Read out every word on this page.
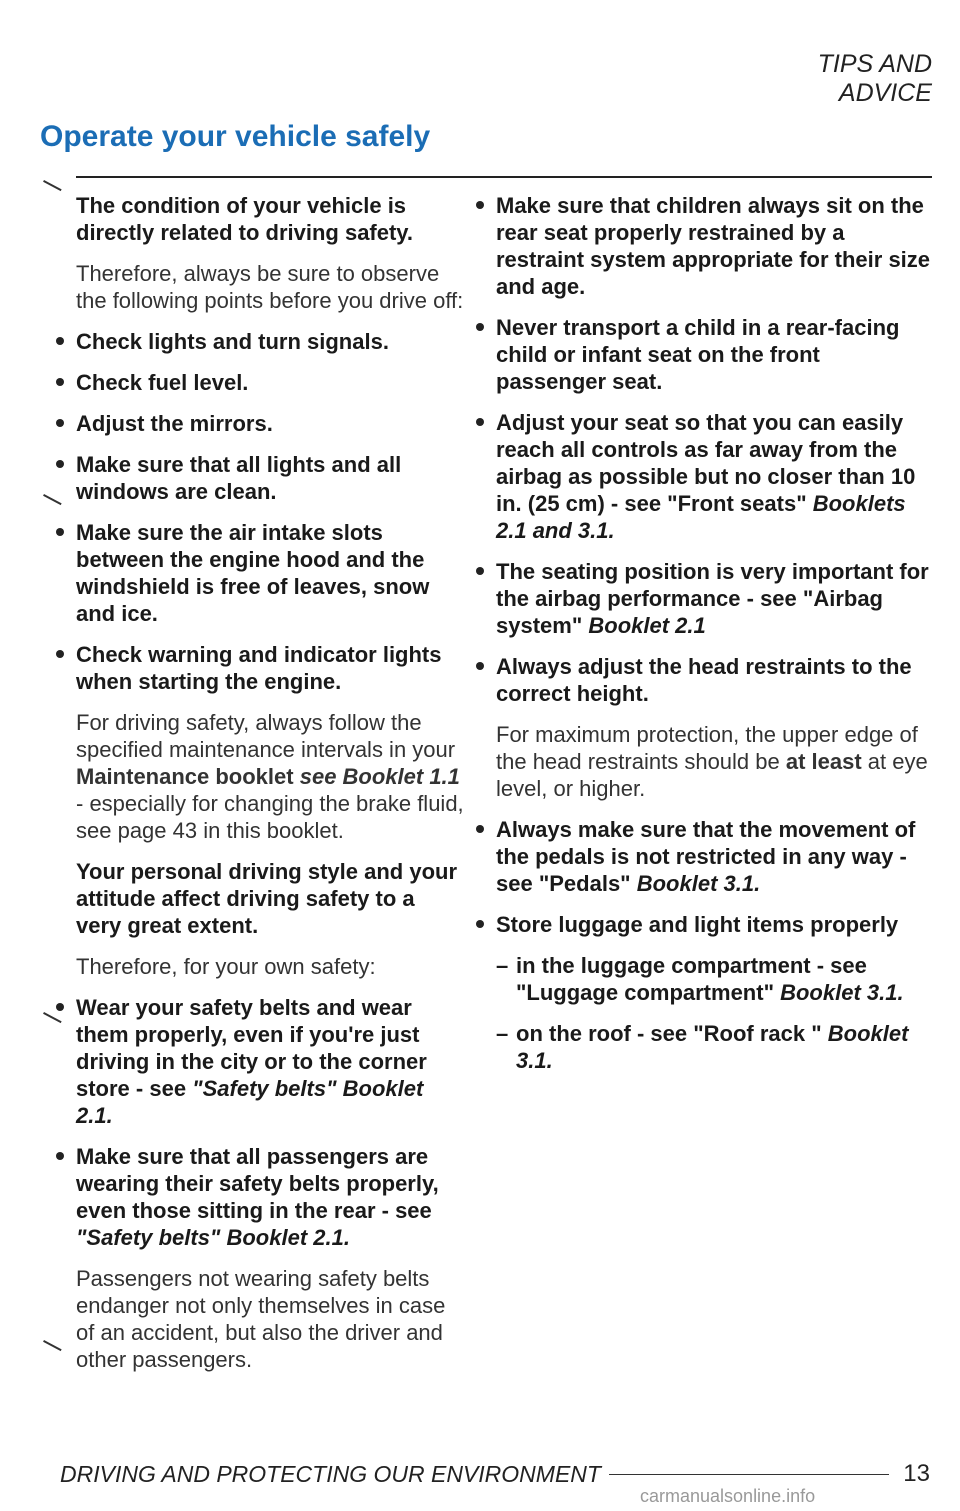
TIPS AND ADVICE
Operate your vehicle safely
The condition of your vehicle is directly related to driving safety.
Therefore, always be sure to observe the following points before you drive off:
Check lights and turn signals.
Check fuel level.
Adjust the mirrors.
Make sure that all lights and all windows are clean.
Make sure the air intake slots between the engine hood and the windshield is free of leaves, snow and ice.
Check warning and indicator lights when starting the engine.
For driving safety, always follow the specified maintenance intervals in your Maintenance booklet see Booklet 1.1 - especially for changing the brake fluid, see page 43 in this booklet.
Your personal driving style and your attitude affect driving safety to a very great extent.
Therefore, for your own safety:
Wear your safety belts and wear them properly, even if you're just driving in the city or to the corner store - see "Safety belts" Booklet 2.1.
Make sure that all passengers are wearing their safety belts properly, even those sitting in the rear - see "Safety belts" Booklet 2.1.
Passengers not wearing safety belts endanger not only themselves in case of an accident, but also the driver and other passengers.
Make sure that children always sit on the rear seat properly restrained by a restraint system appropriate for their size and age.
Never transport a child in a rear-facing child or infant seat on the front passenger seat.
Adjust your seat so that you can easily reach all controls as far away from the airbag as possible but no closer than 10 in. (25 cm) - see "Front seats" Booklets 2.1 and 3.1.
The seating position is very important for the airbag performance - see "Airbag system" Booklet 2.1
Always adjust the head restraints to the correct height.
For maximum protection, the upper edge of the head restraints should be at least at eye level, or higher.
Always make sure that the movement of the pedals is not restricted in any way - see "Pedals" Booklet 3.1.
Store luggage and light items properly
– in the luggage compartment - see "Luggage compartment" Booklet 3.1.
– on the roof - see "Roof rack " Booklet 3.1.
DRIVING AND PROTECTING OUR ENVIRONMENT	13
carmanualsonline.info
